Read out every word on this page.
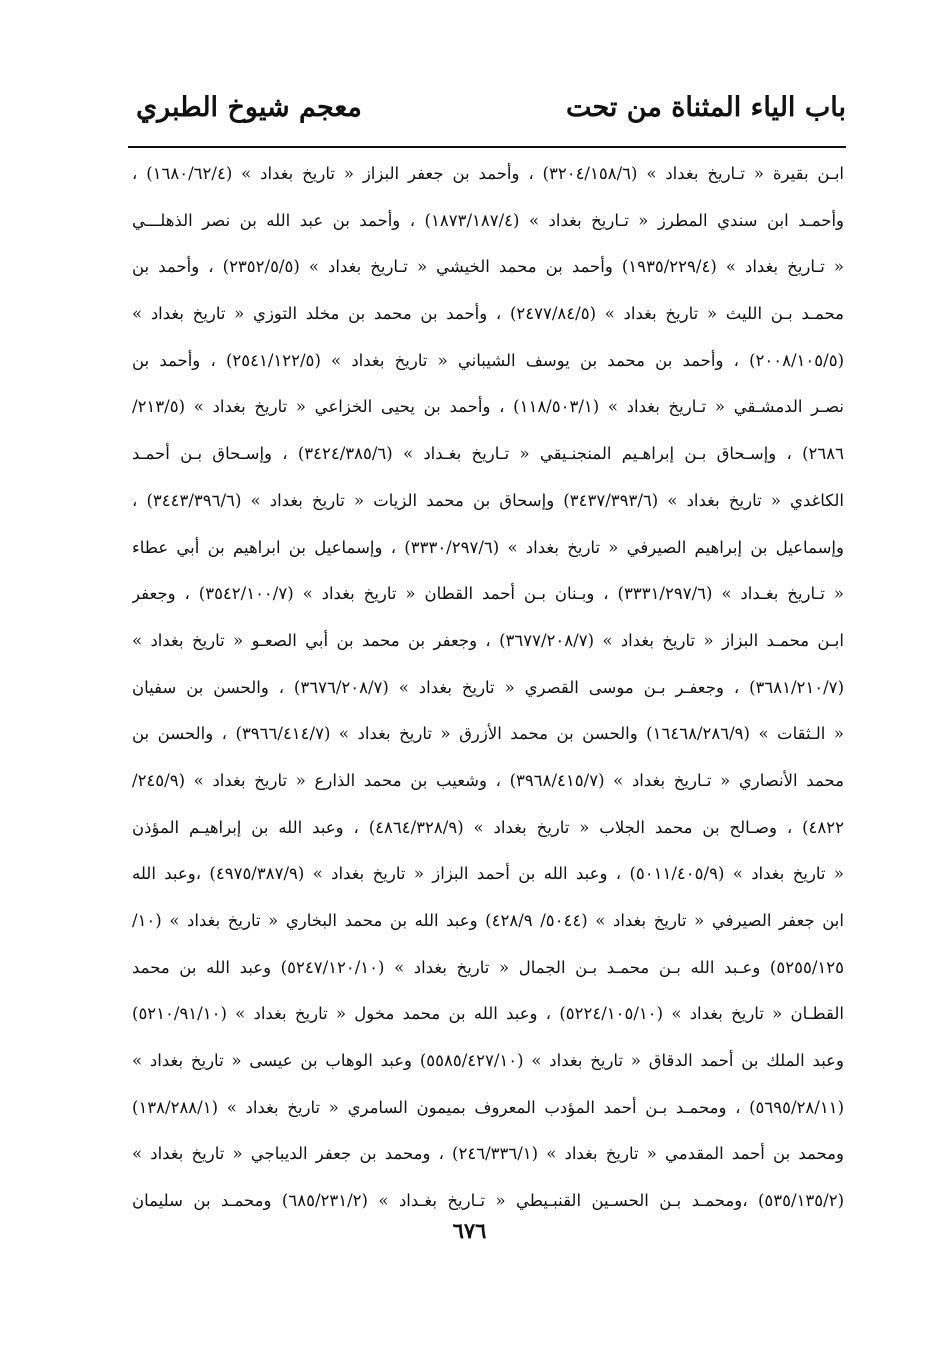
باب الياء المثناة من تحت
معجم شيوخ الطبري
ابـن بقيرة « تـاريخ بغداد » (٣٢٠٤/١٥٨/٦) ، وأحمد بن جعفر البزاز « تاريخ بغداد » (١٦٨٠/٦٢/٤) ،
وأحمـد ابن سندي المطرز « تـاريخ بغداد » (١٨٧٣/١٨٧/٤) ، وأحمد بن عبد الله بن نصر الذهلـــي
« تـاريخ بغداد » (١٩٣٥/٢٢٩/٤) وأحمد بن محمد الخيشي « تـاريخ بغداد » (٢٣٥٢/٥/٥) ، وأحمد بن
محمـد بـن الليث « تاريخ بغداد » (٢٤٧٧/٨٤/٥) ، وأحمد بن محمد بن مخلد التوزي « تاريخ بغداد »
(٢٠٠٨/١٠٥/٥) ، وأحمد بن محمد بن يوسف الشيباني « تاريخ بغداد » (٢٥٤١/١٢٢/٥) ، وأحمد بن
نصـر الدمشـقي « تـاريخ بغداد » (١١٨/٥٠٣/١) ، وأحمد بن يحيى الخزاعي « تاريخ بغداد » (٢١٣/٥/
٢٦٨٦) ، وإسـحاق بـن إبراهـيم المنجنـيقي « تـاريخ بغـداد » (٣٤٢٤/٣٨٥/٦) ، وإسـحاق بـن أحمـد
الكاغدي « تاريخ بغداد » (٣٤٣٧/٣٩٣/٦) وإسحاق بن محمد الزيات « تاريخ بغداد » (٣٤٤٣/٣٩٦/٦) ،
وإسماعيل بن إبراهيم الصيرفي « تاريخ بغداد » (٣٣٣٠/٢٩٧/٦) ، وإسماعيل بن ابراهيم بن أبي عطاء
« تـاريخ بغـداد » (٣٣٣١/٢٩٧/٦) ، وبـنان بـن أحمد القطان « تاريخ بغداد » (٣٥٤٢/١٠٠/٧) ، وجعفر
ابـن محمـد البزاز « تاريخ بغداد » (٣٦٧٧/٢٠٨/٧) ، وجعفر بن محمد بن أبي الصعـو « تاريخ بغداد »
(٣٦٨١/٢١٠/٧) ، وجعفـر بـن موسى القصري « تاريخ بغداد » (٣٦٧٦/٢٠٨/٧) ، والحسن بن سفيان
« الـثقات » (١٦٤٦٨/٢٨٦/٩) والحسن بن محمد الأزرق « تاريخ بغداد » (٣٩٦٦/٤١٤/٧) ، والحسن بن
محمد الأنصاري « تـاريخ بغداد » (٣٩٦٨/٤١٥/٧) ، وشعيب بن محمد الذارع « تاريخ بغداد » (٢٤٥/٩/
٤٨٢٢) ، وصـالح بن محمد الجلاب « تاريخ بغداد » (٤٨٦٤/٣٢٨/٩) ، وعبد الله بن إبراهيـم المؤذن
« تاريخ بغداد » (٥٠١١/٤٠٥/٩) ، وعبد الله بن أحمد البزاز « تاريخ بغداد » (٤٩٧٥/٣٨٧/٩) ،وعبد الله
ابن جعفر الصيرفي « تاريخ بغداد » (٥٠٤٤/ ٤٢٨/٩) وعبد الله بن محمد البخاري « تاريخ بغداد » (١٠/
٥٢٥٥/١٢٥) وعـبد الله بـن محمـد بـن الجمال « تاريخ بغداد » (٥٢٤٧/١٢٠/١٠) وعبد الله بن محمد
القطـان « تاريخ بغداد » (٥٢٢٤/١٠٥/١٠) ، وعبد الله بن محمد مخول « تاريخ بغداد » (٥٢١٠/٩١/١٠)
وعبد الملك بن أحمد الدقاق « تاريخ بغداد » (٥٥٨٥/٤٢٧/١٠) وعبد الوهاب بن عيسى « تاريخ بغداد »
(٥٦٩٥/٢٨/١١) ، ومحمـد بـن أحمد المؤدب المعروف بميمون السامري « تاريخ بغداد » (١٣٨/٢٨٨/١)
ومحمد بن أحمد المقدمي « تاريخ بغداد » (٢٤٦/٣٣٦/١) ، ومحمد بن جعفر الديباجي « تاريخ بغداد »
(٥٣٥/١٣٥/٢) ،ومحمـد بـن الحسـين القنبـيطي « تـاريخ بغـداد » (٦٨٥/٢٣١/٢) ومحمـد بن سليمان
٦٧٦
